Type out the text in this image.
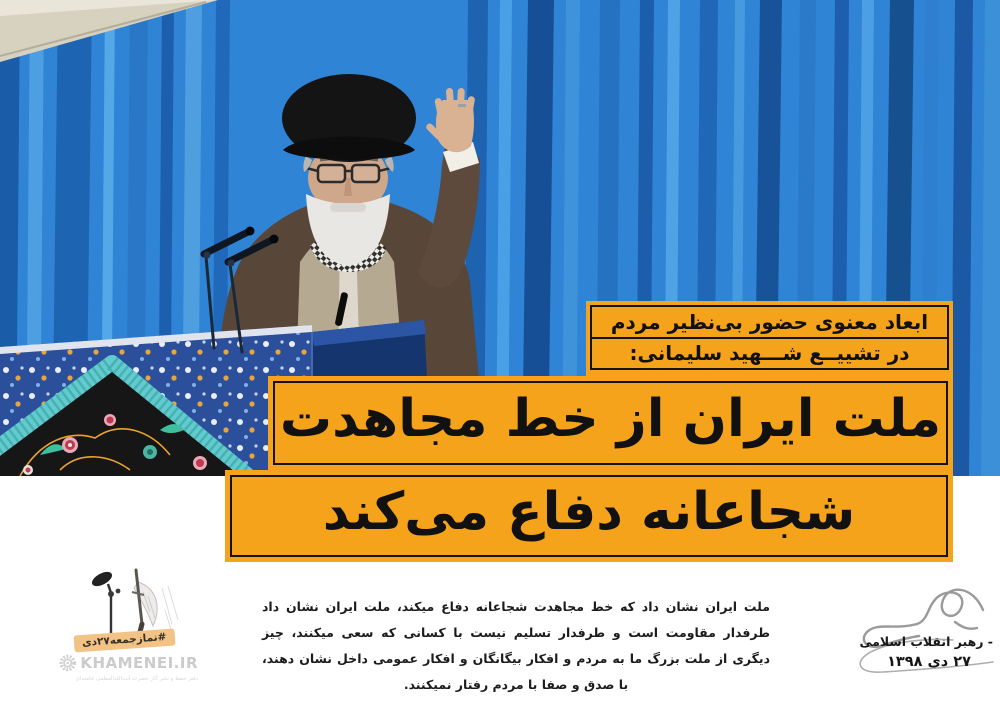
ابعاد معنوی حضور بی‌نظیر مردم
در تشییــع شـــهید سلیمانی:
ملت ایران از خط مجاهدت
شجاعانه دفاع می‌کند
ملت ایران نشان داد که خط مجاهدت شجاعانه دفاع میکند، ملت ایران نشان داد طرفدار مقاومت است و طرفدار تسلیم نیست با کسانی که سعی میکنند، چیز دیگری از ملت بزرگ ما به مردم و افکار بیگانگان و افکار عمومی داخل نشان دهند، با صدق و صفا با مردم رفتار نمیکنند.
- رهبر انقلاب اسلامی
۲۷ دی ۱۳۹۸
#نمازجمعه۲۷دی
KHAMENEI.IR
دفتر حفظ و نشر آثار حضرت آیت‌الله‌العظمی خامنه‌ای
